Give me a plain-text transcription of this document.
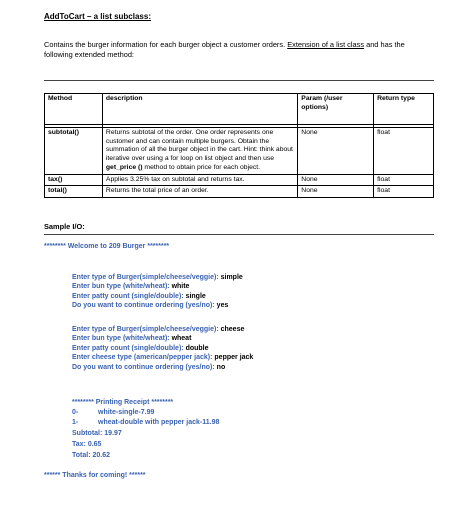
AddToCart – a list subclass:
Contains the burger information for each burger object a customer orders. Extension of a list class and has the following extended method:
Method	description	Param (/user options)	Return type

subtotal()	Returns subtotal of the order. One order represents one customer and can contain multiple burgers. Obtain the summation of all the burger object in the cart. Hint: think about iterative over using a for loop on list object and then use get_price () method to obtain price for each object.	None	float
tax()	Applies 3.25% tax on subtotal and returns tax.	None	float
total()	Returns the total price of an order.	None	float
Sample I/O:
******** Welcome to 209 Burger ********
Enter type of Burger(simple/cheese/veggie): simple
Enter bun type (white/wheat): white
Enter patty count (single/double): single
Do you want to continue ordering (yes/no): yes
Enter type of Burger(simple/cheese/veggie): cheese
Enter bun type (white/wheat): wheat
Enter patty count (single/double): double
Enter cheese type (american/pepper jack): pepper jack
Do you want to continue ordering (yes/no): no
******** Printing Receipt ********
0-	white-single-7.99
1-	wheat-double with pepper jack-11.98
Subtotal: 19.97
Tax: 0.65
Total: 20.62
****** Thanks for coming! ******
